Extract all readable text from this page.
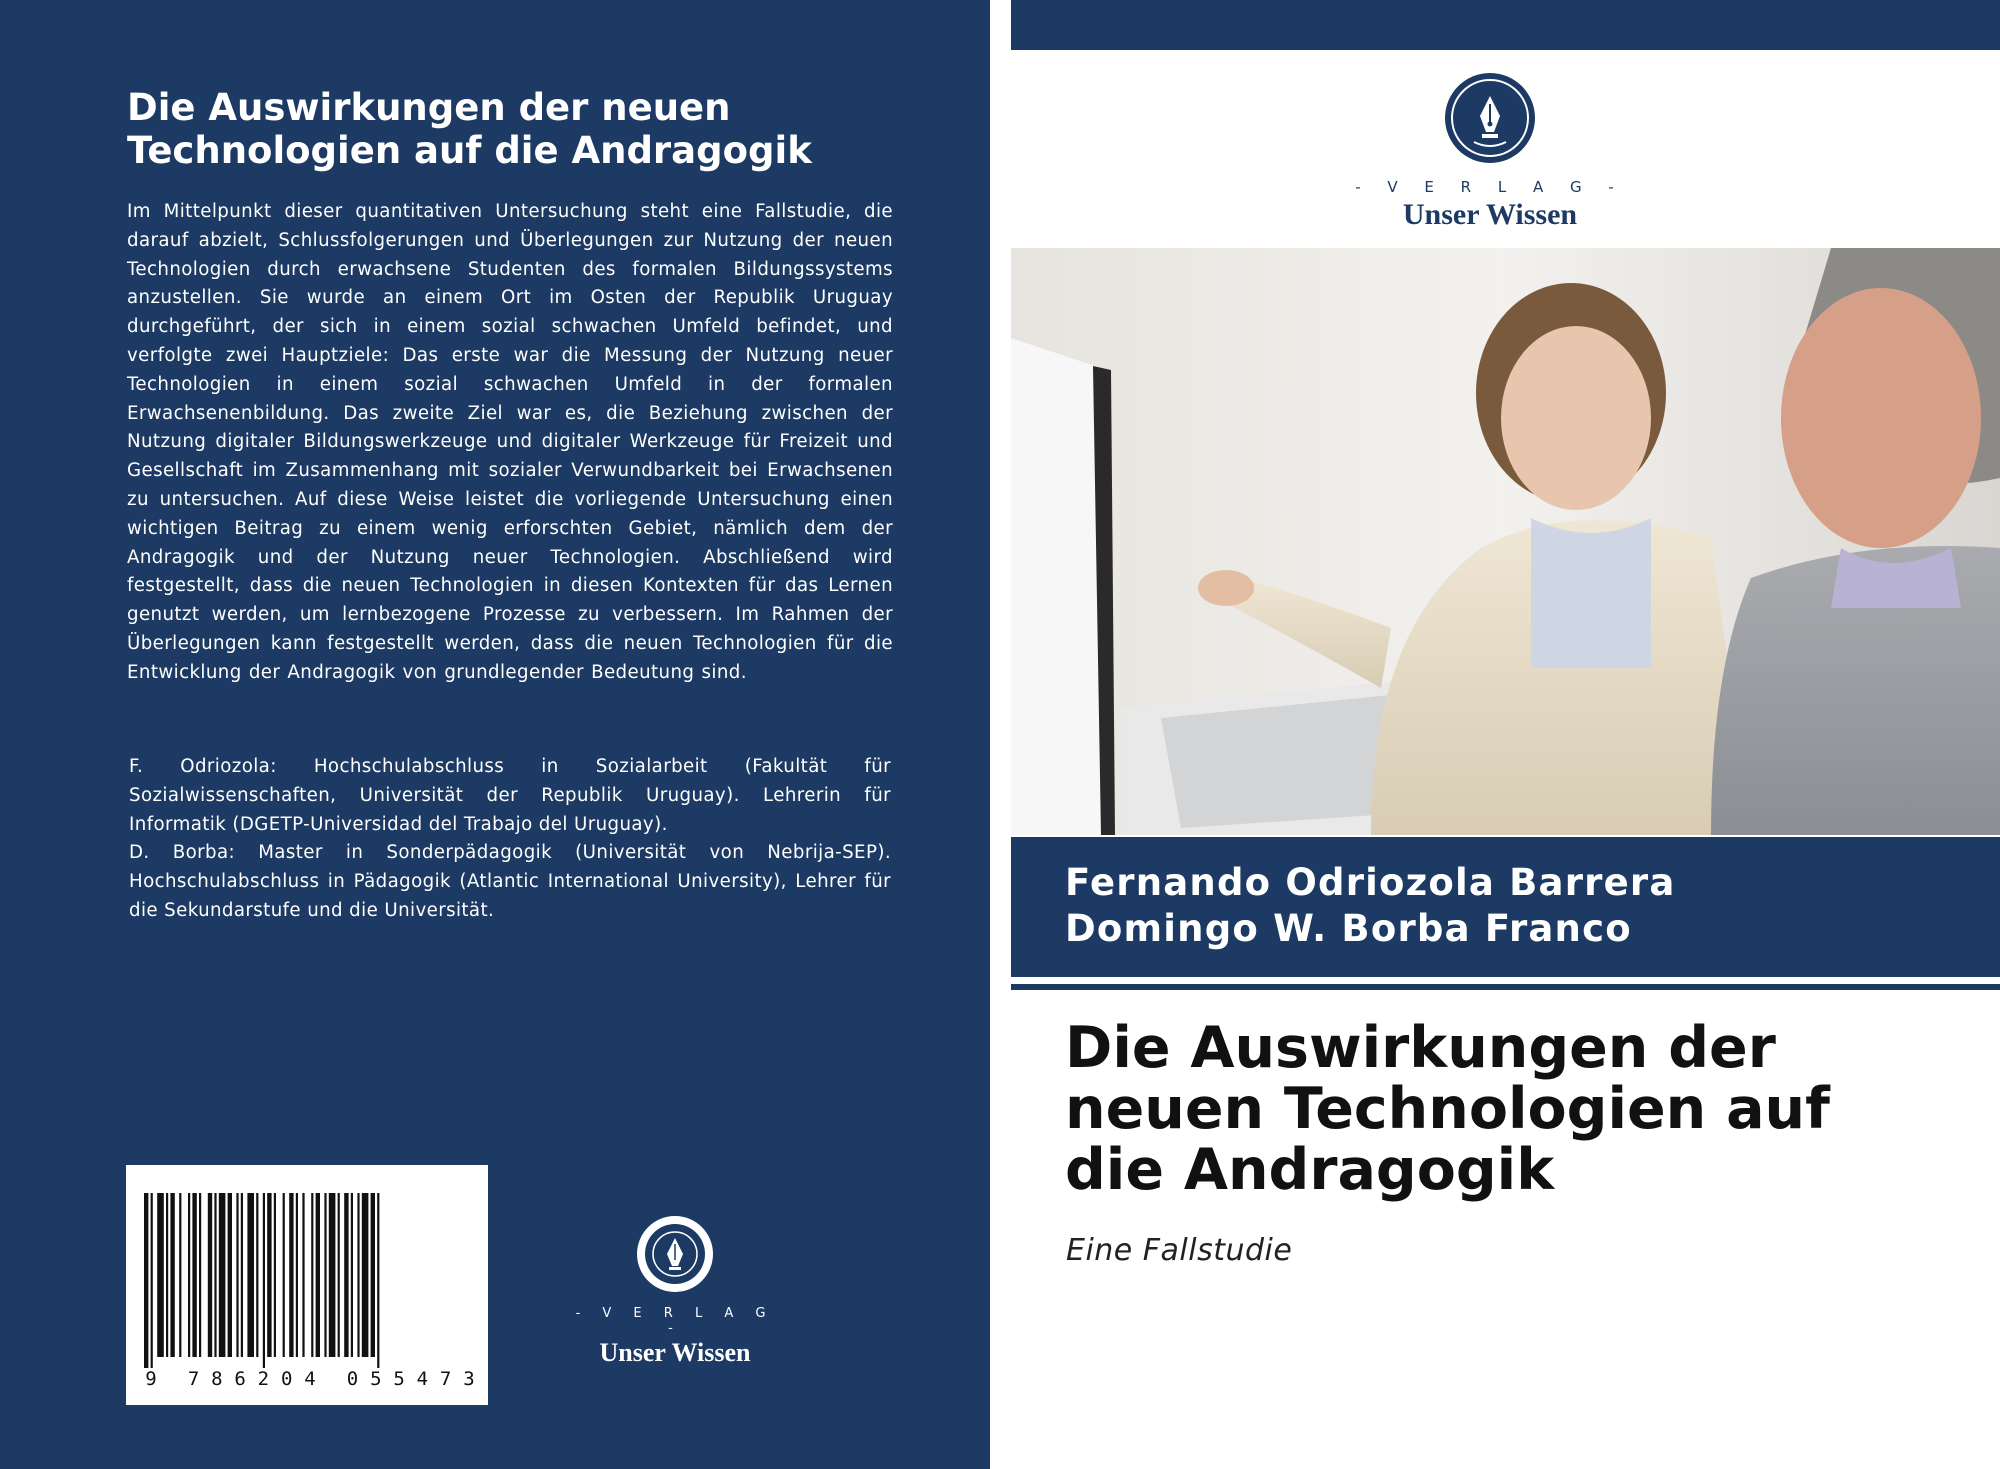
Die Auswirkungen der neuen
Technologien auf die Andragogik

Im Mittelpunkt dieser quantitativen Untersuchung steht eine Fallstudie, die darauf abzielt, Schlussfolgerungen und Überlegungen zur Nutzung der neuen Technologien durch erwachsene Studenten des formalen Bildungssystems anzustellen. Sie wurde an einem Ort im Osten der Republik Uruguay durchgeführt, der sich in einem sozial schwachen Umfeld befindet, und verfolgte zwei Hauptziele: Das erste war die Messung der Nutzung neuer Technologien in einem sozial schwachen Umfeld in der formalen Erwachsenenbildung. Das zweite Ziel war es, die Beziehung zwischen der Nutzung digitaler Bildungswerkzeuge und digitaler Werkzeuge für Freizeit und Gesellschaft im Zusammenhang mit sozialer Verwundbarkeit bei Erwachsenen zu untersuchen. Auf diese Weise leistet die vorliegende Untersuchung einen wichtigen Beitrag zu einem wenig erforschten Gebiet, nämlich dem der Andragogik und der Nutzung neuer Technologien. Abschließend wird festgestellt, dass die neuen Technologien in diesen Kontexten für das Lernen genutzt werden, um lernbezogene Prozesse zu verbessern. Im Rahmen der Überlegungen kann festgestellt werden, dass die neuen Technologien für die Entwicklung der Andragogik von grundlegender Bedeutung sind.

F. Odriozola: Hochschulabschluss in Sozialarbeit (Fakultät für Sozialwissenschaften, Universität der Republik Uruguay). Lehrerin für Informatik (DGETP-Universidad del Trabajo del Uruguay).

D. Borba: Master in Sonderpädagogik (Universität von Nebrija-SEP). Hochschulabschluss in Pädagogik (Atlantic International University), Lehrer für die Sekundarstufe und die Universität.

9 7 8 6 2 0 4 0 5 5 4 7 3
- V E R L A G -
Unser Wissen
- V E R L A G -
Unser Wissen
Fernando Odriozola Barrera
Domingo W. Borba Franco
Die Auswirkungen der
neuen Technologien auf
die Andragogik
Eine Fallstudie
